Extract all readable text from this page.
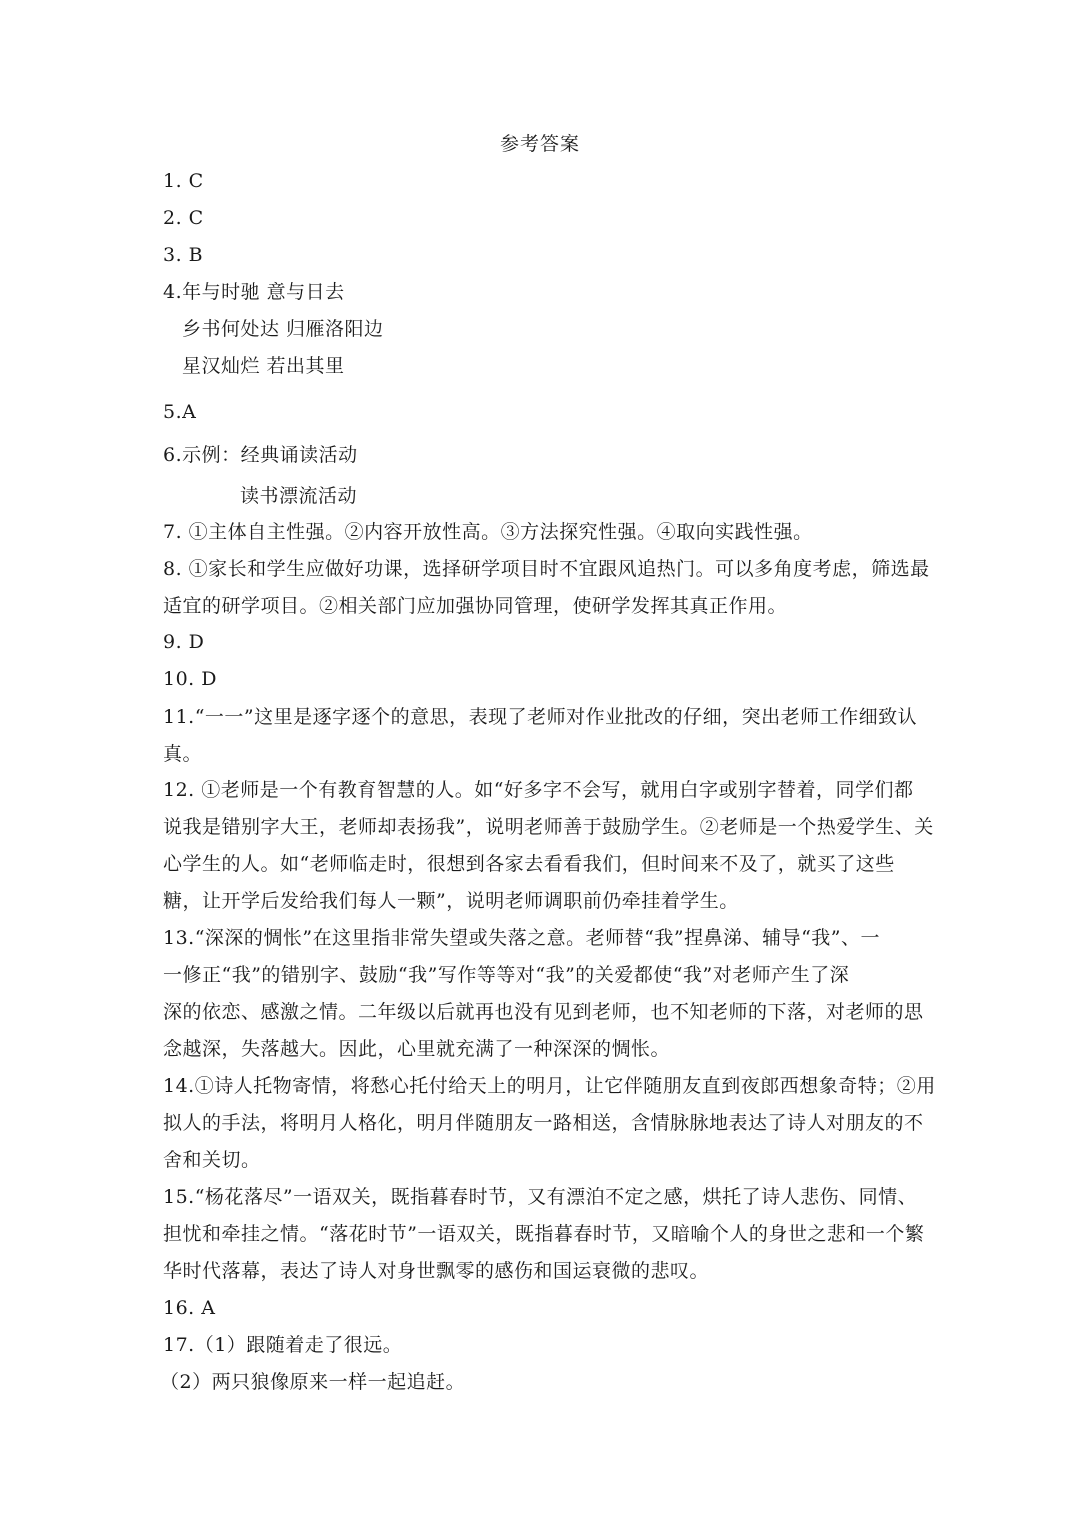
参考答案
1. C
2. C
3. B
4.年与时驰 意与日去
乡书何处达 归雁洛阳边
星汉灿烂 若出其里
5.A
6.示例：经典诵读活动
读书漂流活动
7. ①主体自主性强。②内容开放性高。③方法探究性强。④取向实践性强。
8. ①家长和学生应做好功课，选择研学项目时不宜跟风追热门。可以多角度考虑，筛选最
适宜的研学项目。②相关部门应加强协同管理，使研学发挥其真正作用。
9. D
10. D
11.“一一”这里是逐字逐个的意思，表现了老师对作业批改的仔细，突出老师工作细致认
真。
12. ①老师是一个有教育智慧的人。如“好多字不会写，就用白字或别字替着，同学们都
说我是错别字大王，老师却表扬我”，说明老师善于鼓励学生。②老师是一个热爱学生、关
心学生的人。如“老师临走时，很想到各家去看看我们，但时间来不及了，就买了这些
糖，让开学后发给我们每人一颗”，说明老师调职前仍牵挂着学生。
13.“深深的惆怅”在这里指非常失望或失落之意。老师替“我”捏鼻涕、辅导“我”、一
一修正“我”的错别字、鼓励“我”写作等等对“我”的关爱都使“我”对老师产生了深
深的依恋、感激之情。二年级以后就再也没有见到老师，也不知老师的下落，对老师的思
念越深，失落越大。因此，心里就充满了一种深深的惆怅。
14.①诗人托物寄情，将愁心托付给天上的明月，让它伴随朋友直到夜郎西想象奇特；②用
拟人的手法，将明月人格化，明月伴随朋友一路相送，含情脉脉地表达了诗人对朋友的不
舍和关切。
15.“杨花落尽”一语双关，既指暮春时节，又有漂泊不定之感，烘托了诗人悲伤、同情、
担忧和牵挂之情。“落花时节”一语双关，既指暮春时节，又暗喻个人的身世之悲和一个繁
华时代落幕，表达了诗人对身世飘零的感伤和国运衰微的悲叹。
16. A
17.（1）跟随着走了很远。
（2）两只狼像原来一样一起追赶。
